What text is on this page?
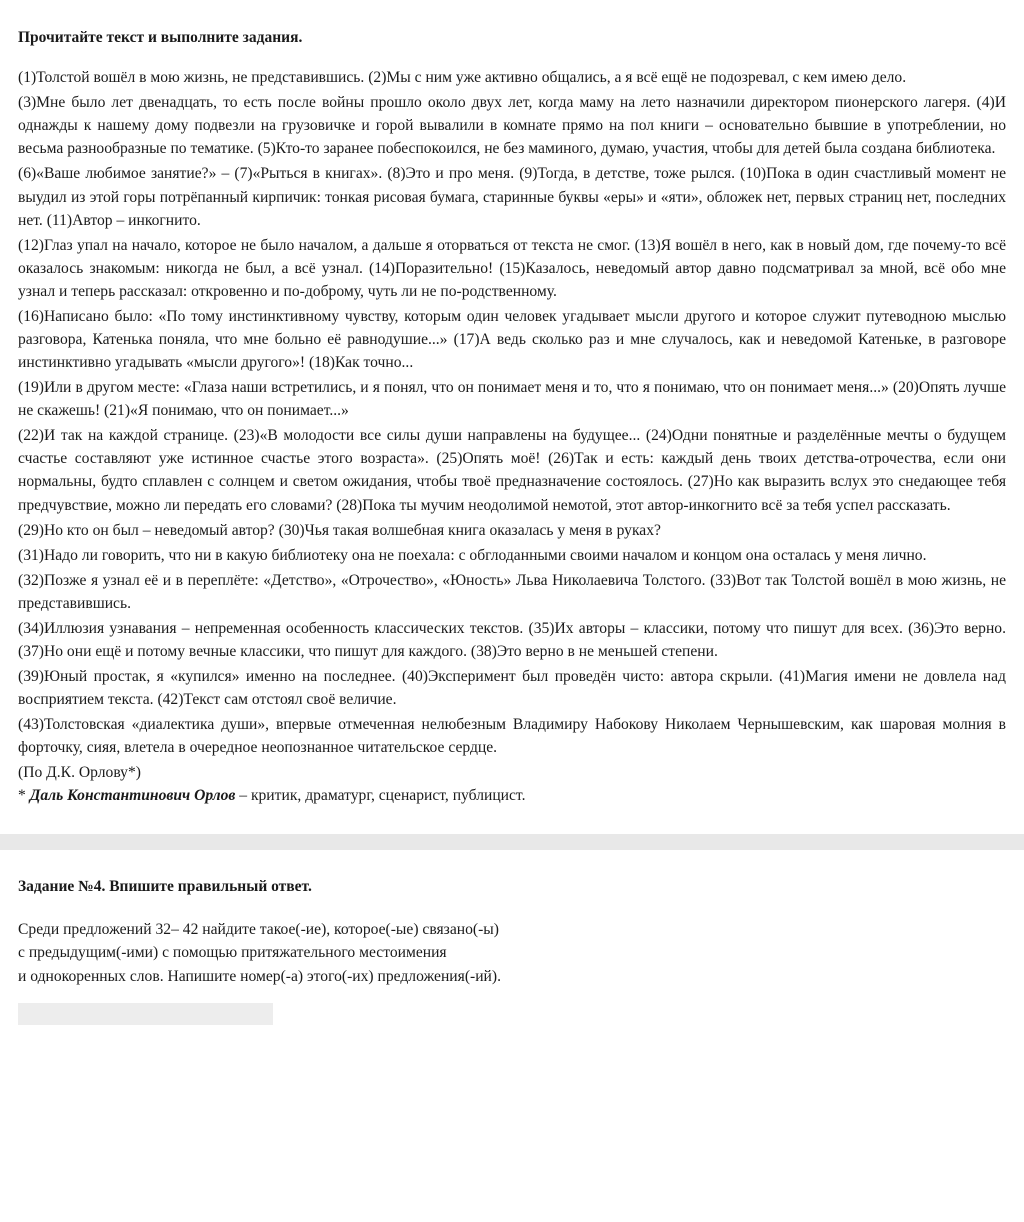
Прочитайте текст и выполните задания.

(1)Толстой вошёл в мою жизнь, не представившись. (2)Мы с ним уже активно общались, а я всё ещё не подозревал, с кем имею дело.

(3)Мне было лет двенадцать, то есть после войны прошло около двух лет, когда маму на лето назначили директором пионерского лагеря. (4)И однажды к нашему дому подвезли на грузовичке и горой вывалили в комнате прямо на пол книги – основательно бывшие в употреблении, но весьма разнообразные по тематике. (5)Кто-то заранее побеспокоился, не без маминого, думаю, участия, чтобы для детей была создана библиотека.

(6)«Ваше любимое занятие?» – (7)«Рыться в книгах». (8)Это и про меня. (9)Тогда, в детстве, тоже рылся. (10)Пока в один счастливый момент не выудил из этой горы потрёпанный кирпичик: тонкая рисовая бумага, старинные буквы «еры» и «яти», обложек нет, первых страниц нет, последних нет. (11)Автор – инкогнито.

(12)Глаз упал на начало, которое не было началом, а дальше я оторваться от текста не смог. (13)Я вошёл в него, как в новый дом, где почему-то всё оказалось знакомым: никогда не был, а всё узнал. (14)Поразительно! (15)Казалось, неведомый автор давно подсматривал за мной, всё обо мне узнал и теперь рассказал: откровенно и по-доброму, чуть ли не по-родственному.

(16)Написано было: «По тому инстинктивному чувству, которым один человек угадывает мысли другого и которое служит путеводною мыслью разговора, Катенька поняла, что мне больно её равнодушие...» (17)А ведь сколько раз и мне случалось, как и неведомой Катеньке, в разговоре инстинктивно угадывать «мысли другого»! (18)Как точно...

(19)Или в другом месте: «Глаза наши встретились, и я понял, что он понимает меня и то, что я понимаю, что он понимает меня...» (20)Опять лучше не скажешь! (21)«Я понимаю, что он понимает...»

(22)И так на каждой странице. (23)«В молодости все силы души направлены на будущее... (24)Одни понятные и разделённые мечты о будущем счастье составляют уже истинное счастье этого возраста». (25)Опять моё! (26)Так и есть: каждый день твоих детства-отрочества, если они нормальны, будто сплавлен с солнцем и светом ожидания, чтобы твоё предназначение состоялось. (27)Но как выразить вслух это снедающее тебя предчувствие, можно ли передать его словами? (28)Пока ты мучим неодолимой немотой, этот автор-инкогнито всё за тебя успел рассказать.

(29)Но кто он был – неведомый автор? (30)Чья такая волшебная книга оказалась у меня в руках?

(31)Надо ли говорить, что ни в какую библиотеку она не поехала: с обглоданными своими началом и концом она осталась у меня лично.

(32)Позже я узнал её и в переплёте: «Детство», «Отрочество», «Юность» Льва Николаевича Толстого. (33)Вот так Толстой вошёл в мою жизнь, не представившись.

(34)Иллюзия узнавания – непременная особенность классических текстов. (35)Их авторы – классики, потому что пишут для всех. (36)Это верно. (37)Но они ещё и потому вечные классики, что пишут для каждого. (38)Это верно в не меньшей степени.

(39)Юный простак, я «купился» именно на последнее. (40)Эксперимент был проведён чисто: автора скрыли. (41)Магия имени не довлела над восприятием текста. (42)Текст сам отстоял своё величие.

(43)Толстовская «диалектика души», впервые отмеченная нелюбезным Владимиру Набокову Николаем Чернышевским, как шаровая молния в форточку, сияя, влетела в очередное неопознанное читательское сердце.

(По Д.К. Орлову*)

* Даль Константинович Орлов – критик, драматург, сценарист, публицист.

Задание №4. Впишите правильный ответ.

Среди предложений 32– 42 найдите такое(-ие), которое(-ые) связано(-ы)

с предыдущим(-ими) с помощью притяжательного местоимения

и однокоренных слов. Напишите номер(-а) этого(-их) предложения(-ий).
